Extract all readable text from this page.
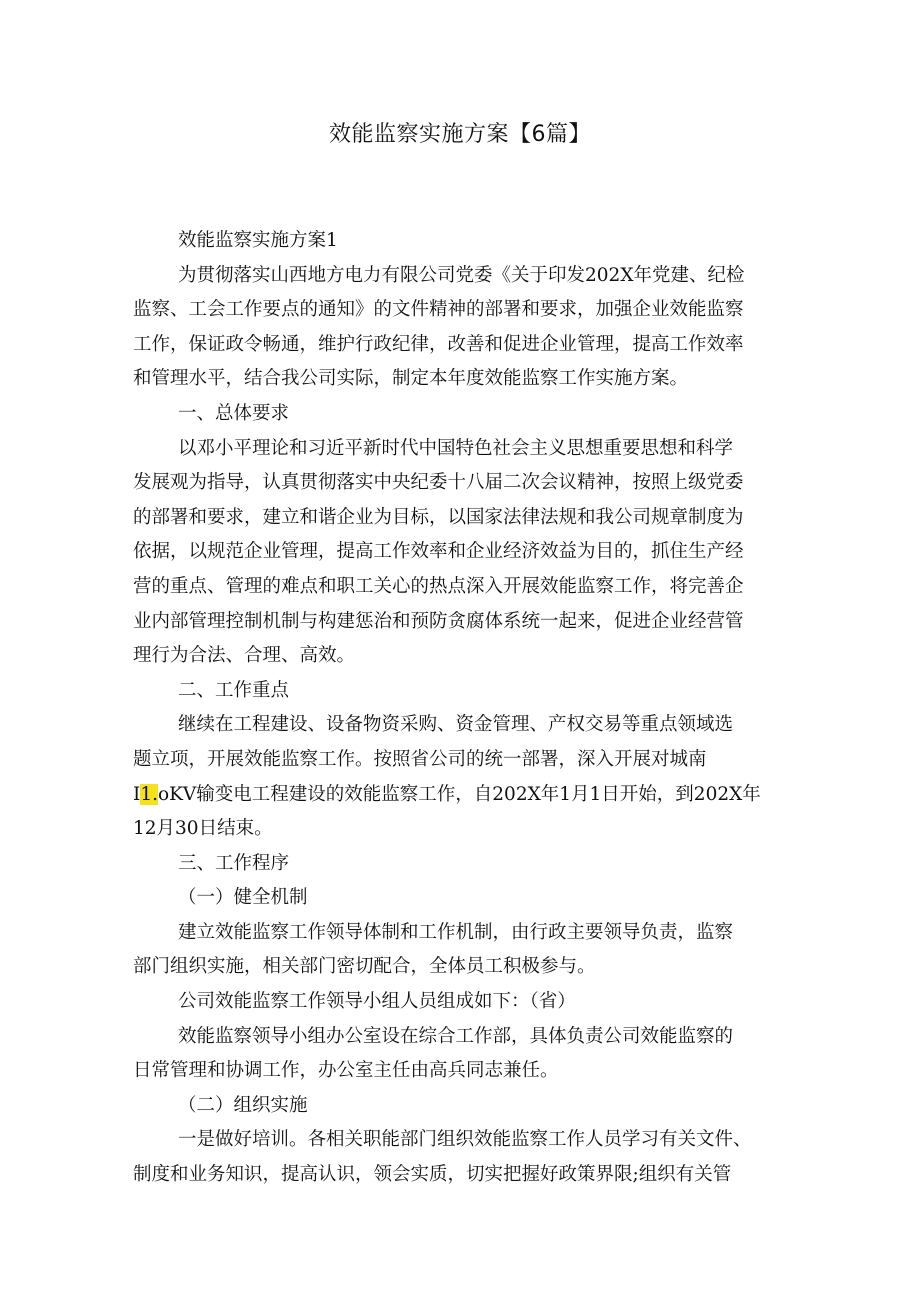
效能监察实施方案【6篇】
效能监察实施方案1
为贯彻落实山西地方电力有限公司党委《关于印发202X年党建、纪检
监察、工会工作要点的通知》的文件精神的部署和要求，加强企业效能监察
工作，保证政令畅通，维护行政纪律，改善和促进企业管理，提高工作效率
和管理水平，结合我公司实际，制定本年度效能监察工作实施方案。
一、总体要求
以邓小平理论和习近平新时代中国特色社会主义思想重要思想和科学
发展观为指导，认真贯彻落实中央纪委十八届二次会议精神，按照上级党委
的部署和要求，建立和谐企业为目标，以国家法律法规和我公司规章制度为
依据，以规范企业管理，提高工作效率和企业经济效益为目的，抓住生产经
营的重点、管理的难点和职工关心的热点深入开展效能监察工作，将完善企
业内部管理控制机制与构建惩治和预防贪腐体系统一起来，促进企业经营管
理行为合法、合理、高效。
二、工作重点
继续在工程建设、设备物资采购、资金管理、产权交易等重点领域选
题立项，开展效能监察工作。按照省公司的统一部署，深入开展对城南
I1.oKV输变电工程建设的效能监察工作，自202X年1月1日开始，到202X年
12月30日结束。
三、工作程序
（一）健全机制
建立效能监察工作领导体制和工作机制，由行政主要领导负责，监察
部门组织实施，相关部门密切配合，全体员工积极参与。
公司效能监察工作领导小组人员组成如下：（省）
效能监察领导小组办公室设在综合工作部，具体负责公司效能监察的
日常管理和协调工作，办公室主任由高兵同志兼任。
（二）组织实施
一是做好培训。各相关职能部门组织效能监察工作人员学习有关文件、
制度和业务知识，提高认识，领会实质，切实把握好政策界限;组织有关管
